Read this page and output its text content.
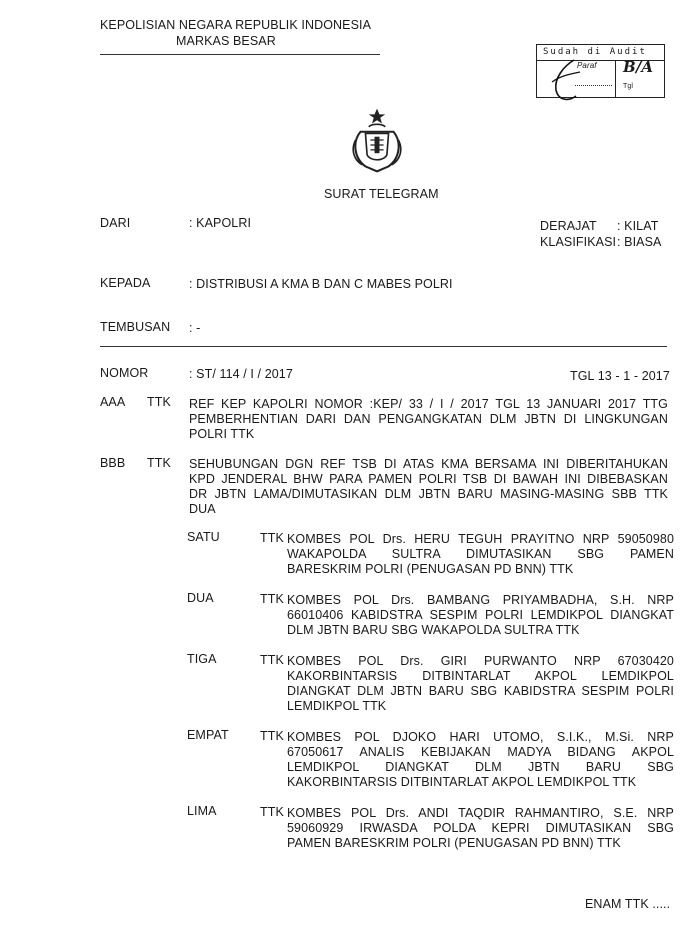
KEPOLISIAN NEGARA REPUBLIK INDONESIA
MARKAS BESAR
Sudah di Audit
Paraf B/A
Tgl
SURAT TELEGRAM
DARI	: KAPOLRI	DERAJAT : KILAT
KLASIFIKASI : BIASA
KEPADA	: DISTRIBUSI A KMA B DAN C MABES POLRI
TEMBUSAN : -
NOMOR	: ST/ 114 / I / 2017	TGL 13 - 1 - 2017
AAA TTK REF KEP KAPOLRI NOMOR :KEP/ 33 / I / 2017 TGL 13 JANUARI 2017 TTG
PEMBERHENTIAN DARI DAN PENGANGKATAN DLM JBTN DI LINGKUNGAN
POLRI TTK
BBB TTK SEHUBUNGAN DGN REF TSB DI ATAS KMA BERSAMA INI DIBERITAHUKAN
KPD JENDERAL BHW PARA PAMEN POLRI TSB DI BAWAH INI DIBEBASKAN
DR JBTN LAMA/DIMUTASIKAN DLM JBTN BARU MASING-MASING SBB TTK
DUA
SATU	TTK KOMBES POL Drs. HERU TEGUH PRAYITNO NRP 59050980
WAKAPOLDA SULTRA DIMUTASIKAN SBG PAMEN
BARESKRIM POLRI (PENUGASAN PD BNN) TTK
DUA	TTK KOMBES POL Drs. BAMBANG PRIYAMBADHA, S.H. NRP
66010406 KABIDSTRA SESPIM POLRI LEMDIKPOL DIANGKAT
DLM JBTN BARU SBG WAKAPOLDA SULTRA TTK
TIGA	TTK KOMBES POL Drs. GIRI PURWANTO NRP 67030420
KAKORBINTARSIS DITBINTARLAT AKPOL LEMDIKPOL
DIANGKAT DLM JBTN BARU SBG KABIDSTRA SESPIM POLRI
LEMDIKPOL TTK
EMPAT	TTK KOMBES POL DJOKO HARI UTOMO, S.I.K., M.Si. NRP
67050617 ANALIS KEBIJAKAN MADYA BIDANG AKPOL
LEMDIKPOL DIANGKAT DLM JBTN BARU SBG
KAKORBINTARSIS DITBINTARLAT AKPOL LEMDIKPOL TTK
LIMA	TTK KOMBES POL Drs. ANDI TAQDIR RAHMANTIRO, S.E. NRP
59060929 IRWASDA POLDA KEPRI DIMUTASIKAN SBG
PAMEN BARESKRIM POLRI (PENUGASAN PD BNN) TTK
ENAM TTK .....
